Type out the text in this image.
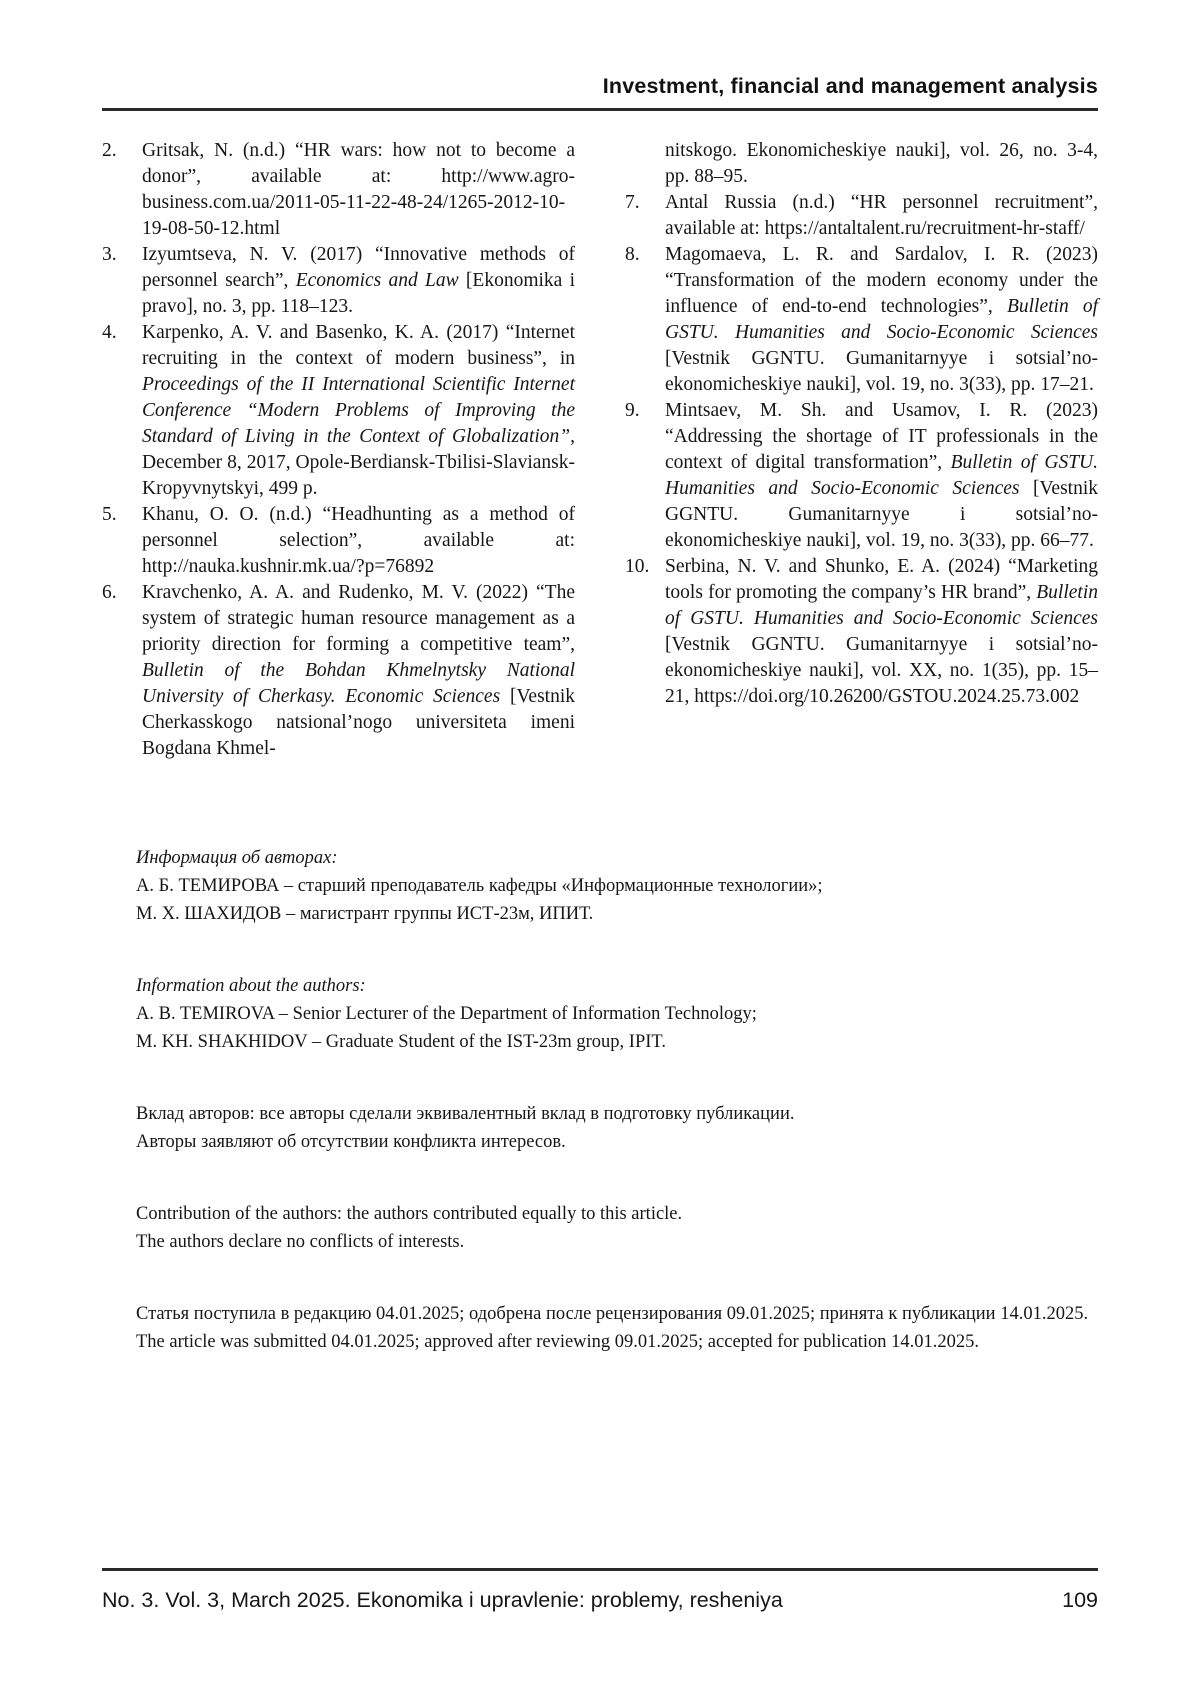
Investment, financial and management analysis
2.	Gritsak, N. (n.d.) “HR wars: how not to become a donor”, available at: http://www.agro-business.com.ua/2011-05-11-22-48-24/1265-2012-10-19-08-50-12.html
3.	Izyumtseva, N. V. (2017) “Innovative methods of personnel search”, Economics and Law [Ekonomika i pravo], no. 3, pp. 118–123.
4.	Karpenko, A. V. and Basenko, K. A. (2017) “Internet recruiting in the context of modern business”, in Proceedings of the II International Scientific Internet Conference “Modern Problems of Improving the Standard of Living in the Context of Globalization”, December 8, 2017, Opole-Berdiansk-Tbilisi-Slaviansk-Kropyvnytskyi, 499 p.
5.	Khanu, O. O. (n.d.) “Headhunting as a method of personnel selection”, available at: http://nauka.kushnir.mk.ua/?p=76892
6.	Kravchenko, A. A. and Rudenko, M. V. (2022) “The system of strategic human resource management as a priority direction for forming a competitive team”, Bulletin of the Bohdan Khmelnytsky National University of Cherkasy. Economic Sciences [Vestnik Cherkasskogo natsional’nogo universiteta imeni Bogdana Khmel-
nitskogo. Ekonomicheskiye nauki], vol. 26, no. 3-4, pp. 88–95.
7.	Antal Russia (n.d.) “HR personnel recruitment”, available at: https://antaltalent.ru/recruitment-hr-staff/
8.	Magomaeva, L. R. and Sardalov, I. R. (2023) “Transformation of the modern economy under the influence of end-to-end technologies”, Bulletin of GSTU. Humanities and Socio-Economic Sciences [Vestnik GGNTU. Gumanitarnyye i sotsial’no-ekonomicheskiye nauki], vol. 19, no. 3(33), pp. 17–21.
9.	Mintsaev, M. Sh. and Usamov, I. R. (2023) “Addressing the shortage of IT professionals in the context of digital transformation”, Bulletin of GSTU. Humanities and Socio-Economic Sciences [Vestnik GGNTU. Gumanitarnyye i sotsial’no-ekonomicheskiye nauki], vol. 19, no. 3(33), pp. 66–77.
10. Serbina, N. V. and Shunko, E. A. (2024) “Marketing tools for promoting the company’s HR brand”, Bulletin of GSTU. Humanities and Socio-Economic Sciences [Vestnik GGNTU. Gumanitarnyye i sotsial’no-ekonomicheskiye nauki], vol. XX, no. 1(35), pp. 15–21, https://doi.org/10.26200/GSTOU.2024.25.73.002
Информация об авторах:
А. Б. ТЕМИРОВА – старший преподаватель кафедры «Информационные технологии»;
М. Х. ШАХИДОВ – магистрант группы ИСТ-23м, ИПИТ.
Information about the authors:
A. B. TEMIROVA – Senior Lecturer of the Department of Information Technology;
M. KH. SHAKHIDOV – Graduate Student of the IST-23m group, IPIT.
Вклад авторов: все авторы сделали эквивалентный вклад в подготовку публикации.
Авторы заявляют об отсутствии конфликта интересов.
Contribution of the authors: the authors contributed equally to this article.
The authors declare no conflicts of interests.
Статья поступила в редакцию 04.01.2025; одобрена после рецензирования 09.01.2025; принята к публикации 14.01.2025.
The article was submitted 04.01.2025; approved after reviewing 09.01.2025; accepted for publication 14.01.2025.
No. 3. Vol. 3, March 2025. Ekonomika i upravlenie: problemy, resheniya	109
